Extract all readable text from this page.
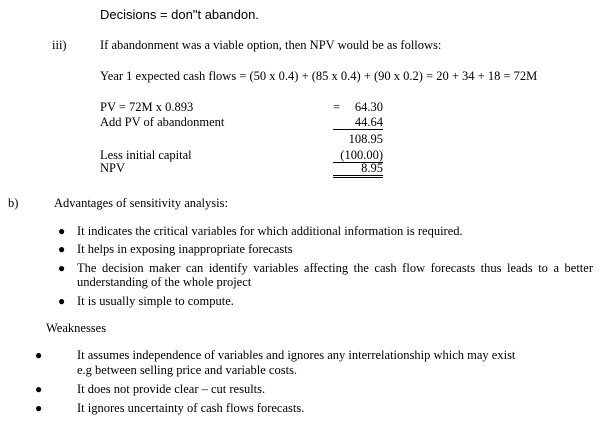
Decisions = don"t abandon.
iii)	If abandonment was a viable option, then NPV would be as follows:
Year 1 expected cash flows = (50 x 0.4) + (85 x 0.4) + (90 x 0.2) = 20 + 34 + 18 = 72M
PV = 72M x 0.893	=	64.30
Add PV of abandonment	44.64
108.95
Less initial capital	(100.00)
NPV	8.95
b)	Advantages of sensitivity analysis:
● It indicates the critical variables for which additional information is required.
● It helps in exposing inappropriate forecasts
● The decision maker can identify variables affecting the cash flow forecasts thus leads to a better understanding of the whole project
● It is usually simple to compute.
Weaknesses
●	It assumes independence of variables and ignores any interrelationship which may exist
e.g between selling price and variable costs.
●	It does not provide clear – cut results.
●	It ignores uncertainty of cash flows forecasts.
